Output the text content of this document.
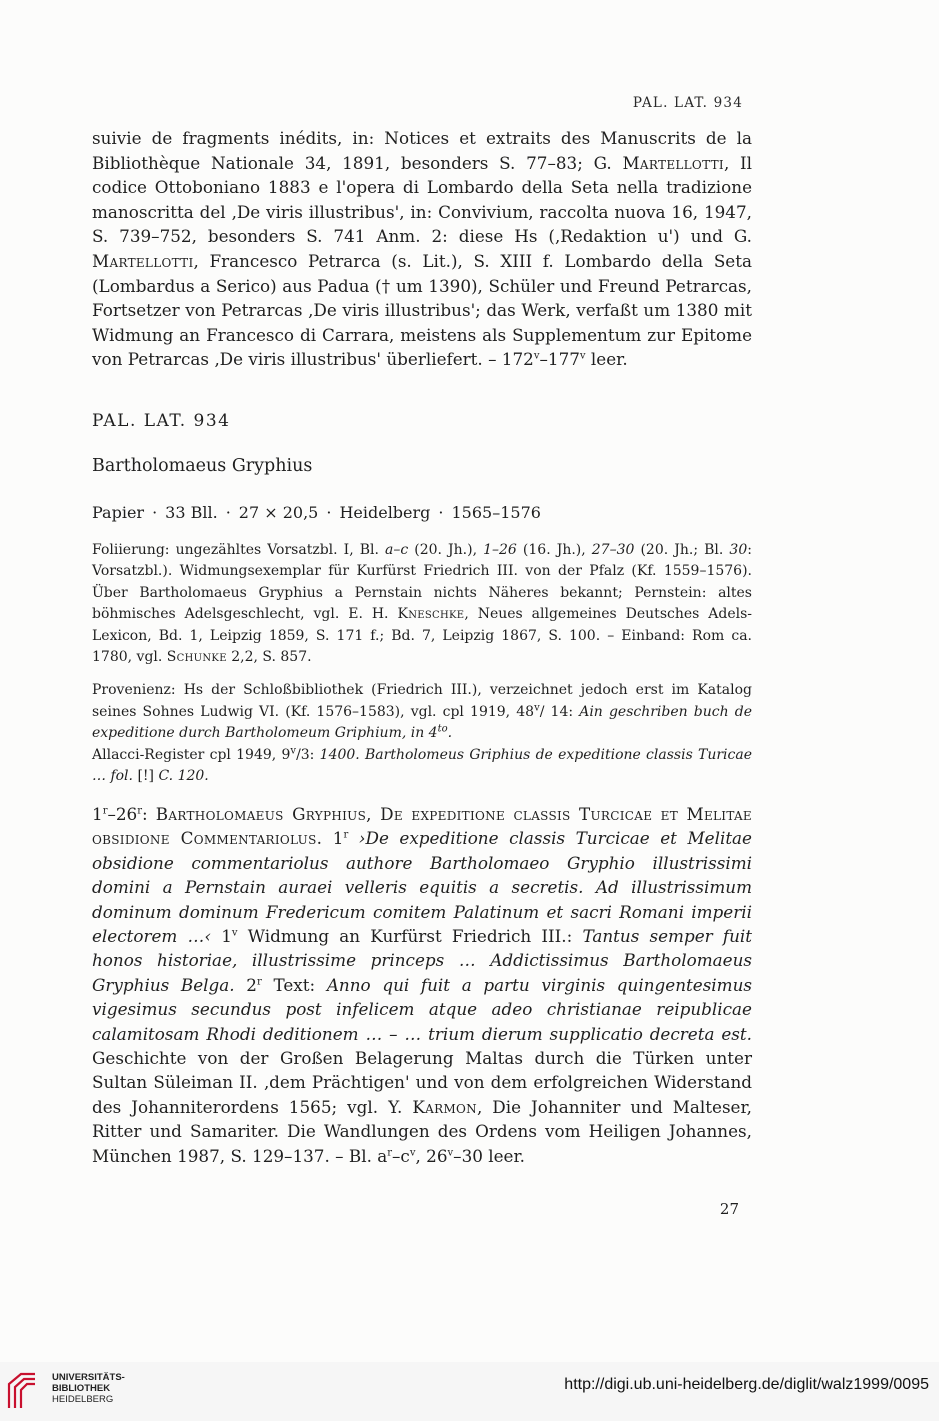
PAL. LAT. 934

suivie de fragments inédits, in: Notices et extraits des Manuscrits de la Bibliothèque Nationale 34, 1891, besonders S. 77–83; G. Martellotti, Il codice Ottoboniano 1883 e l'opera di Lombardo della Seta nella tradizione manoscritta del ‚De viris illustribus', in: Convivium, raccolta nuova 16, 1947, S. 739–752, besonders S. 741 Anm. 2: diese Hs (‚Redaktion u') und G. Martellotti, Francesco Petrarca (s. Lit.), S. XIII f. Lombardo della Seta (Lombardus a Serico) aus Padua († um 1390), Schüler und Freund Petrarcas, Fortsetzer von Petrarcas ‚De viris illustribus'; das Werk, verfaßt um 1380 mit Widmung an Francesco di Carrara, meistens als Supplementum zur Epitome von Petrarcas ‚De viris illustribus' überliefert. – 172$^v$–177$^v$ leer.

PAL. LAT. 934
Bartholomaeus Gryphius
Papier · 33 Bll. · 27 × 20,5 · Heidelberg · 1565–1576

Foliierung: ungezähltes Vorsatzbl. I, Bl. a–c (20. Jh.), 1–26 (16. Jh.), 27–30 (20. Jh.; Bl. 30: Vorsatzbl.). Widmungsexemplar für Kurfürst Friedrich III. von der Pfalz (Kf. 1559–1576). Über Bartholomaeus Gryphius a Pernstain nichts Näheres bekannt; Pernstein: altes böhmisches Adelsgeschlecht, vgl. E. H. Kneschke, Neues allgemeines Deutsches Adels-Lexicon, Bd. 1, Leipzig 1859, S. 171 f.; Bd. 7, Leipzig 1867, S. 100. – Einband: Rom ca. 1780, vgl. Schunke 2,2, S. 857.

Provenienz: Hs der Schloßbibliothek (Friedrich III.), verzeichnet jedoch erst im Katalog seines Sohnes Ludwig VI. (Kf. 1576–1583), vgl. cpl 1919, 48$^v$/ 14: Ain geschriben buch de expeditione durch Bartholomeum Griphium, in $4^{to}$.

Allacci-Register cpl 1949, 9$^v$/3: 1400. Bartholomeus Griphius de expeditione classis Turicae … fol. [!] C. 120.

1$^r$–26$^r$: Bartholomaeus Gryphius, De expeditione classis Turcicae et Melitae obsidione Commentariolus. 1$^r$ ›De expeditione classis Turcicae et Melitae obsidione commentariolus authore Bartholomaeo Gryphio illustrissimi domini a Pernstain auraei velleris equitis a secretis. Ad illustrissimum dominum dominum Fredericum comitem Palatinum et sacri Romani imperii electorem …‹ 1$^v$ Widmung an Kurfürst Friedrich III.: Tantus semper fuit honos historiae, illustrissime princeps … Addictissimus Bartholomaeus Gryphius Belga. 2$^r$ Text: Anno qui fuit a partu virginis quingentesimus vigesimus secundus post infelicem atque adeo christianae reipublicae calamitosam Rhodi deditionem … – … trium dierum supplicatio decreta est. Geschichte von der Großen Belagerung Maltas durch die Türken unter Sultan Süleiman II. ‚dem Prächtigen' und von dem erfolgreichen Widerstand des Johanniterordens 1565; vgl. Y. Karmon, Die Johanniter und Malteser, Ritter und Samariter. Die Wandlungen des Ordens vom Heiligen Johannes, München 1987, S. 129–137. – Bl. $a^r-c^v$, 26$^v$–30 leer.

27
UNIVERSITÄTS-
BIBLIOTHEK
HEIDELBERG
http://digi.ub.uni-heidelberg.de/diglit/walz1999/0095
